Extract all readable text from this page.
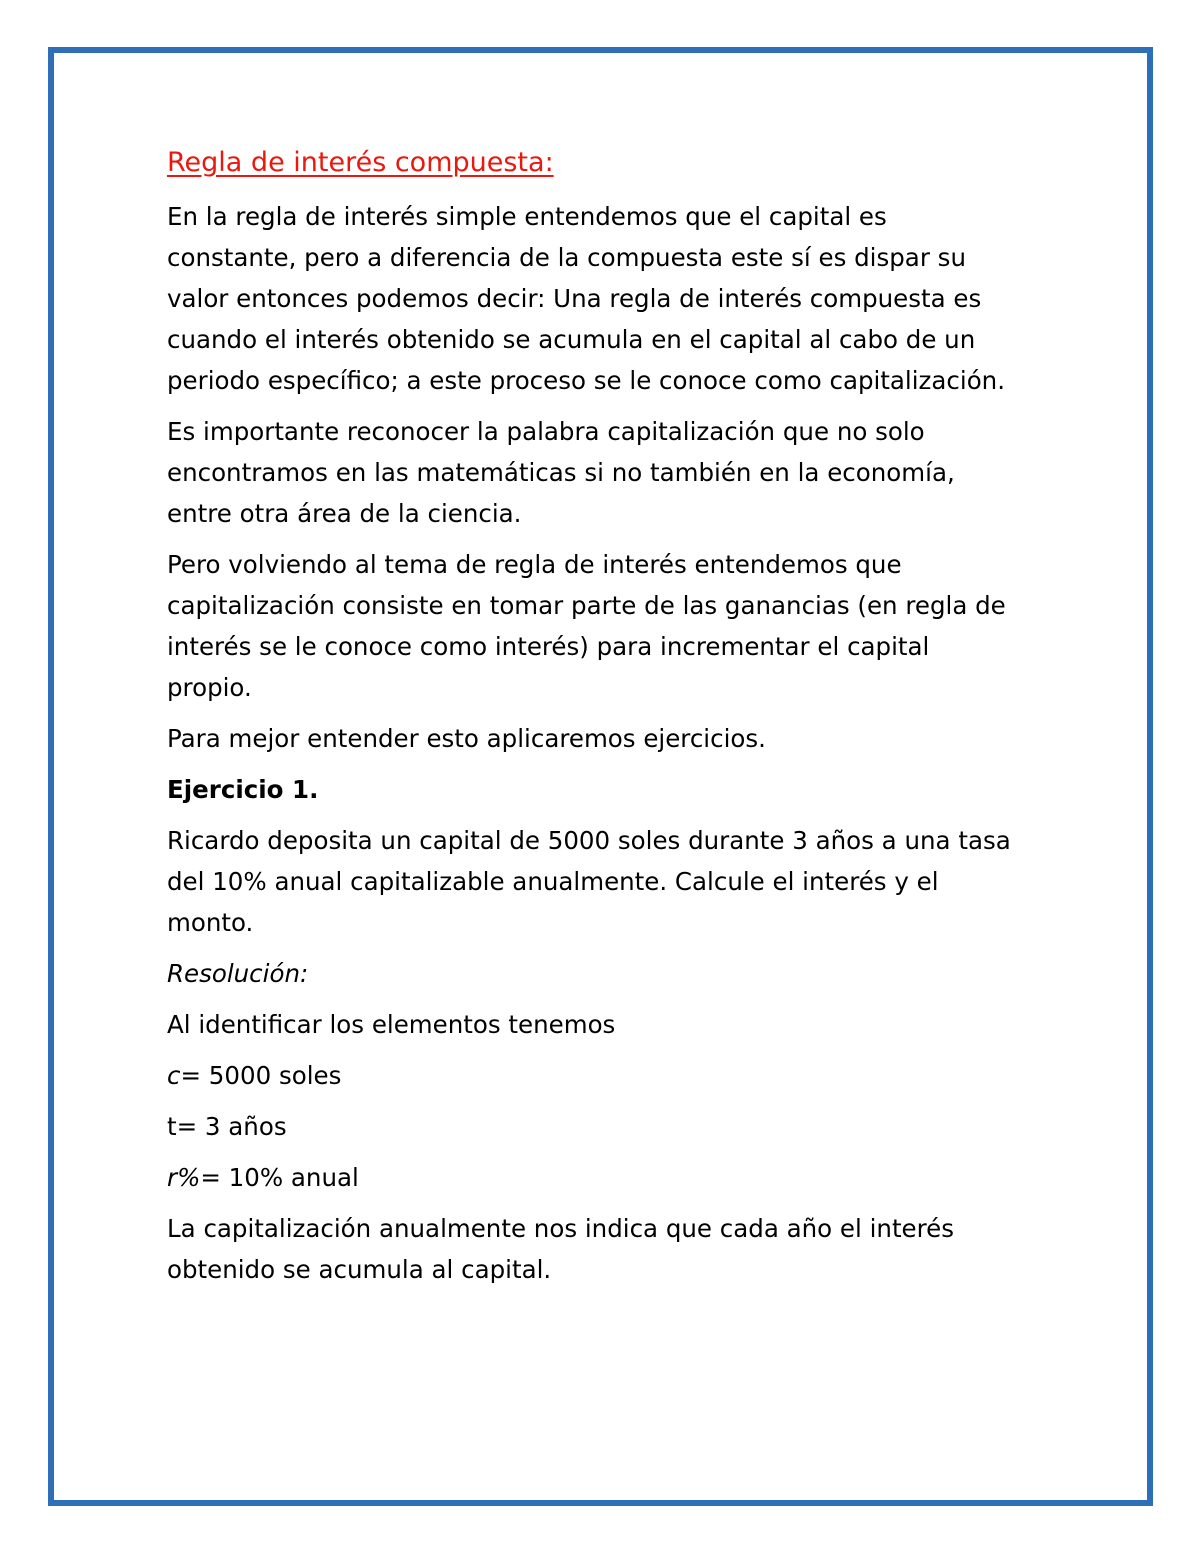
Regla de interés compuesta:

En la regla de interés simple entendemos que el capital es
constante, pero a diferencia de la compuesta este sí es dispar su
valor entonces podemos decir: Una regla de interés compuesta es
cuando el interés obtenido se acumula en el capital al cabo de un
periodo específico; a este proceso se le conoce como capitalización.

Es importante reconocer la palabra capitalización que no solo
encontramos en las matemáticas si no también en la economía,
entre otra área de la ciencia.

Pero volviendo al tema de regla de interés entendemos que
capitalización consiste en tomar parte de las ganancias (en regla de
interés se le conoce como interés) para incrementar el capital
propio.

Para mejor entender esto aplicaremos ejercicios.

Ejercicio 1.

Ricardo deposita un capital de 5000 soles durante 3 años a una tasa
del 10% anual capitalizable anualmente. Calcule el interés y el
monto.

Resolución:

Al identificar los elementos tenemos

c= 5000 soles

t= 3 años

r%= 10% anual

La capitalización anualmente nos indica que cada año el interés
obtenido se acumula al capital.
